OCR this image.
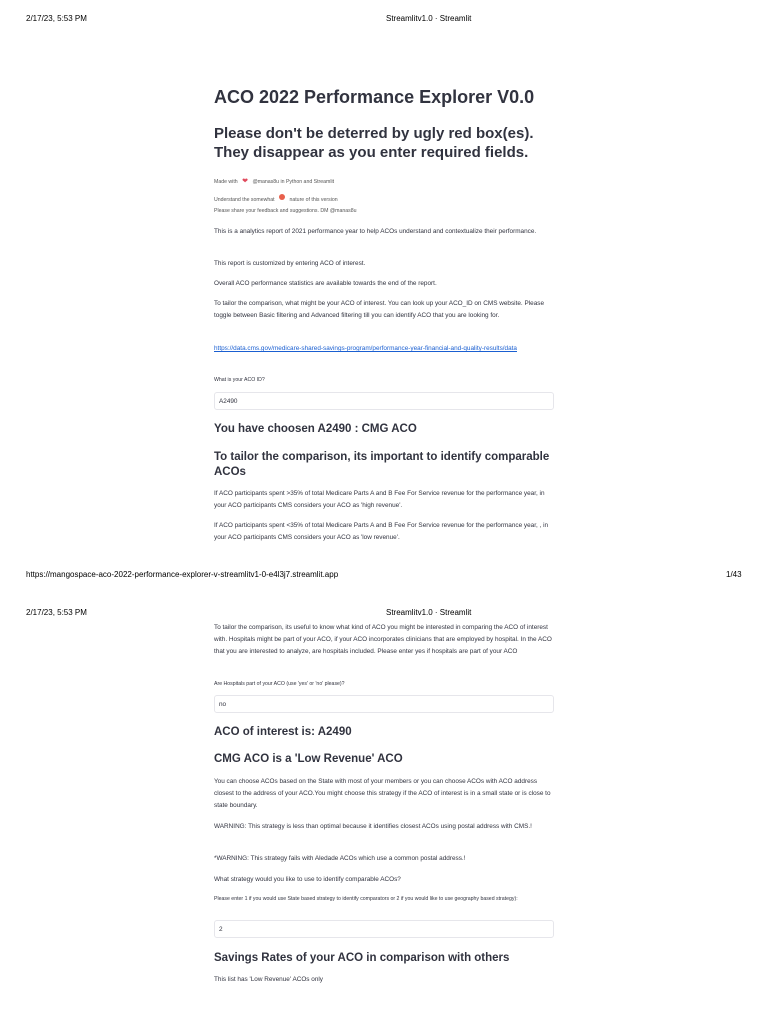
2/17/23, 5:53 PM	Streamlitv1.0 · Streamlit
ACO 2022 Performance Explorer V0.0
Please don't be deterred by ugly red box(es). They disappear as you enter required fields.
Made with ❤ @manas8u in Python and Streamlit
Understand the somewhat	nature of this version
Please share your feedback and suggestions. DM @manas8u
This is a analytics report of 2021 performance year to help ACOs understand and contextualize their performance.
This report is customized by entering ACO of interest.
Overall ACO performance statistics are available towards the end of the report.
To tailor the comparison, what might be your ACO of interest. You can look up your ACO_ID on CMS website. Please toggle between Basic filtering and Advanced filtering till you can identify ACO that you are looking for.
https://data.cms.gov/medicare-shared-savings-program/performance-year-financial-and-quality-results/data
What is your ACO ID?
A2490
You have choosen A2490 : CMG ACO
To tailor the comparison, its important to identify comparable ACOs
If ACO participants spent >35% of total Medicare Parts A and B Fee For Service revenue for the performance year, in your ACO participants CMS considers your ACO as 'high revenue'.
If ACO participants spent <35% of total Medicare Parts A and B Fee For Service revenue for the performance year, , in your ACO participants CMS considers your ACO as 'low revenue'.
https://mangospace-aco-2022-performance-explorer-v-streamlitv1-0-e4l3j7.streamlit.app	1/43
2/17/23, 5:53 PM	Streamlitv1.0 · Streamlit
To tailor the comparison, its useful to know what kind of ACO you might be interested in comparing the ACO of interest with. Hospitals might be part of your ACO, if your ACO incorporates clinicians that are employed by hospital. In the ACO that you are interested to analyze, are hospitals included. Please enter yes if hospitals are part of your ACO
Are Hospitals part of your ACO (use 'yes' or 'no' please)?
no
ACO of interest is: A2490
CMG ACO is a 'Low Revenue' ACO
You can choose ACOs based on the State with most of your members or you can choose ACOs with ACO address closest to the address of your ACO.You might choose this strategy if the ACO of interest is in a small state or is close to state boundary.
WARNING: This strategy is less than optimal because it identifies closest ACOs using postal address with CMS.!
*WARNING: This strategy fails with Aledade ACOs which use a common postal address.!
What strategy would you like to use to identify comparable ACOs?
Please enter 1 if you would use State based strategy to identify comparators or 2 if you would like to use geography based strategy):
2
Savings Rates of your ACO in comparison with others
This list has 'Low Revenue' ACOs only
